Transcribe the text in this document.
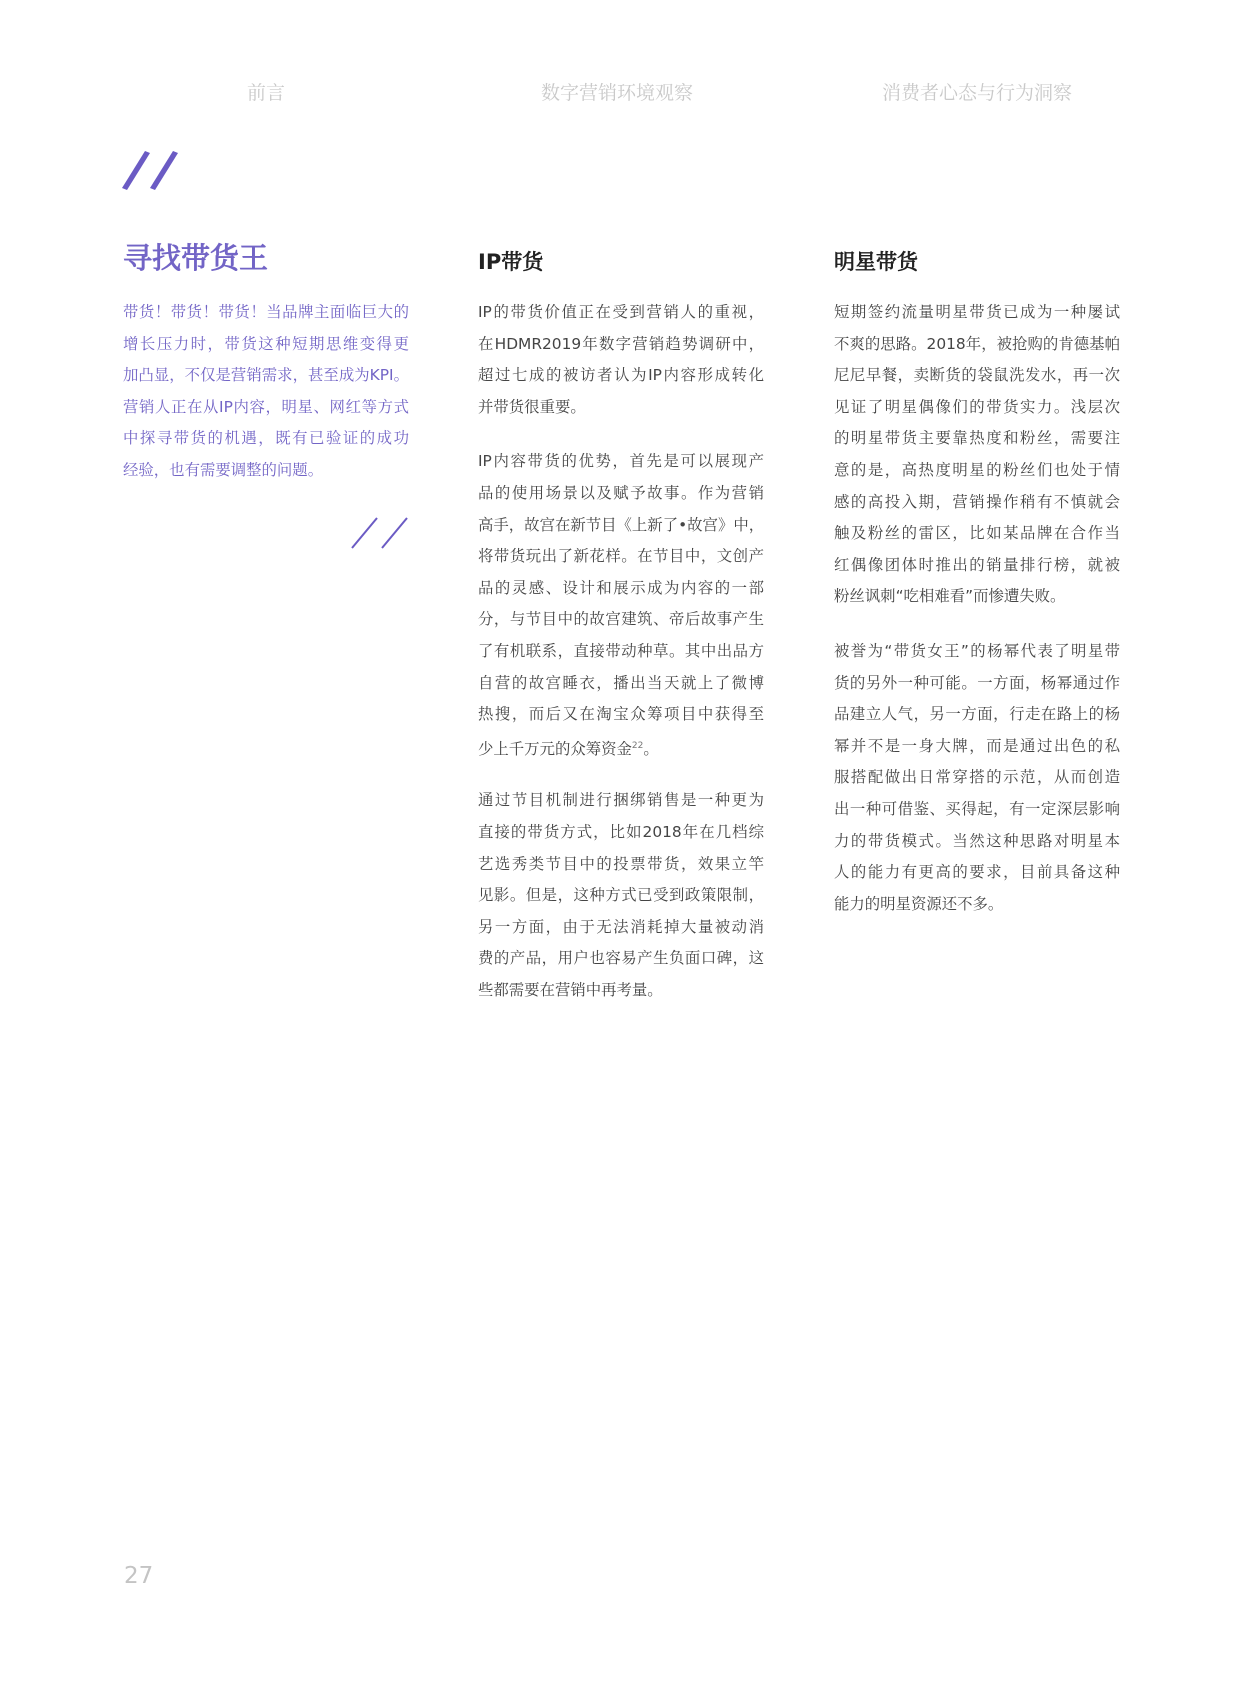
前言	数字营销环境观察	消费者心态与行为洞察
寻找带货王	IP带货	明星带货
带货！带货！带货！当品牌主面临巨大的
增长压力时，带货这种短期思维变得更
加凸显，不仅是营销需求，甚至成为KPI。
营销人正在从IP内容，明星、网红等方式
中探寻带货的机遇，既有已验证的成功
经验，也有需要调整的问题。
IP的带货价值正在受到营销人的重视，
在HDMR2019年数字营销趋势调研中，
超过七成的被访者认为IP内容形成转化
并带货很重要。
IP内容带货的优势，首先是可以展现产
品的使用场景以及赋予故事。作为营销
高手，故宫在新节目《上新了•故宫》中，
将带货玩出了新花样。在节目中，文创产
品的灵感、设计和展示成为内容的一部
分，与节目中的故宫建筑、帝后故事产生
了有机联系，直接带动种草。其中出品方
自营的故宫睡衣，播出当天就上了微博
热搜，而后又在淘宝众筹项目中获得至
少上千万元的众筹资金$^{22}$。
通过节目机制进行捆绑销售是一种更为
直接的带货方式，比如2018年在几档综
艺选秀类节目中的投票带货，效果立竿
见影。但是，这种方式已受到政策限制，
另一方面，由于无法消耗掉大量被动消
费的产品，用户也容易产生负面口碑，这
些都需要在营销中再考量。
短期签约流量明星带货已成为一种屡试
不爽的思路。2018年，被抢购的肯德基帕
尼尼早餐，卖断货的袋鼠洗发水，再一次
见证了明星偶像们的带货实力。浅层次
的明星带货主要靠热度和粉丝，需要注
意的是，高热度明星的粉丝们也处于情
感的高投入期，营销操作稍有不慎就会
触及粉丝的雷区，比如某品牌在合作当
红偶像团体时推出的销量排行榜，就被
粉丝讽刺“吃相难看”而惨遭失败。
被誉为“带货女王”的杨幂代表了明星带
货的另外一种可能。一方面，杨幂通过作
品建立人气，另一方面，行走在路上的杨
幂并不是一身大牌，而是通过出色的私
服搭配做出日常穿搭的示范，从而创造
出一种可借鉴、买得起，有一定深层影响
力的带货模式。当然这种思路对明星本
人的能力有更高的要求，目前具备这种
能力的明星资源还不多。
27
